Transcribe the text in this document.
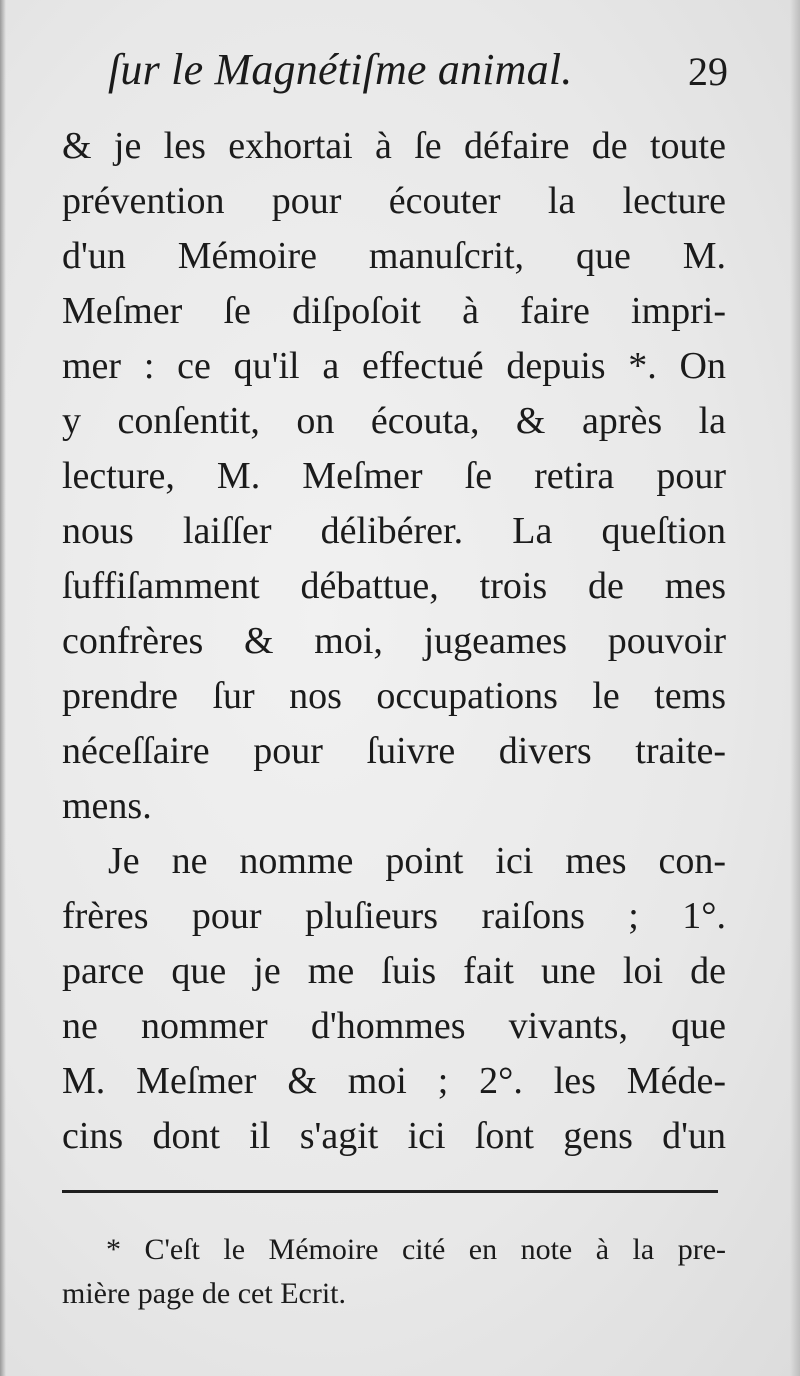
ſur le Magnétiſme animal.	29
& je les exhortai à ſe défaire de toute
prévention pour écouter la lecture
d'un Mémoire manuſcrit, que M.
Meſmer ſe diſpoſoit à faire impri-
mer : ce qu'il a effectué depuis *. On
y conſentit, on écouta, & après la
lecture, M. Meſmer ſe retira pour
nous laiſſer délibérer. La queſtion
ſuffiſamment débattue, trois de mes
confrères & moi, jugeames pouvoir
prendre ſur nos occupations le tems
néceſſaire pour ſuivre divers traite-
mens.
Je ne nomme point ici mes con-
frères pour pluſieurs raiſons ; 1°.
parce que je me ſuis fait une loi de
ne nommer d'hommes vivants, que
M. Meſmer & moi ; 2°. les Méde-
cins dont il s'agit ici ſont gens d'un
* C'eſt le Mémoire cité en note à la pre-
mière page de cet Ecrit.
